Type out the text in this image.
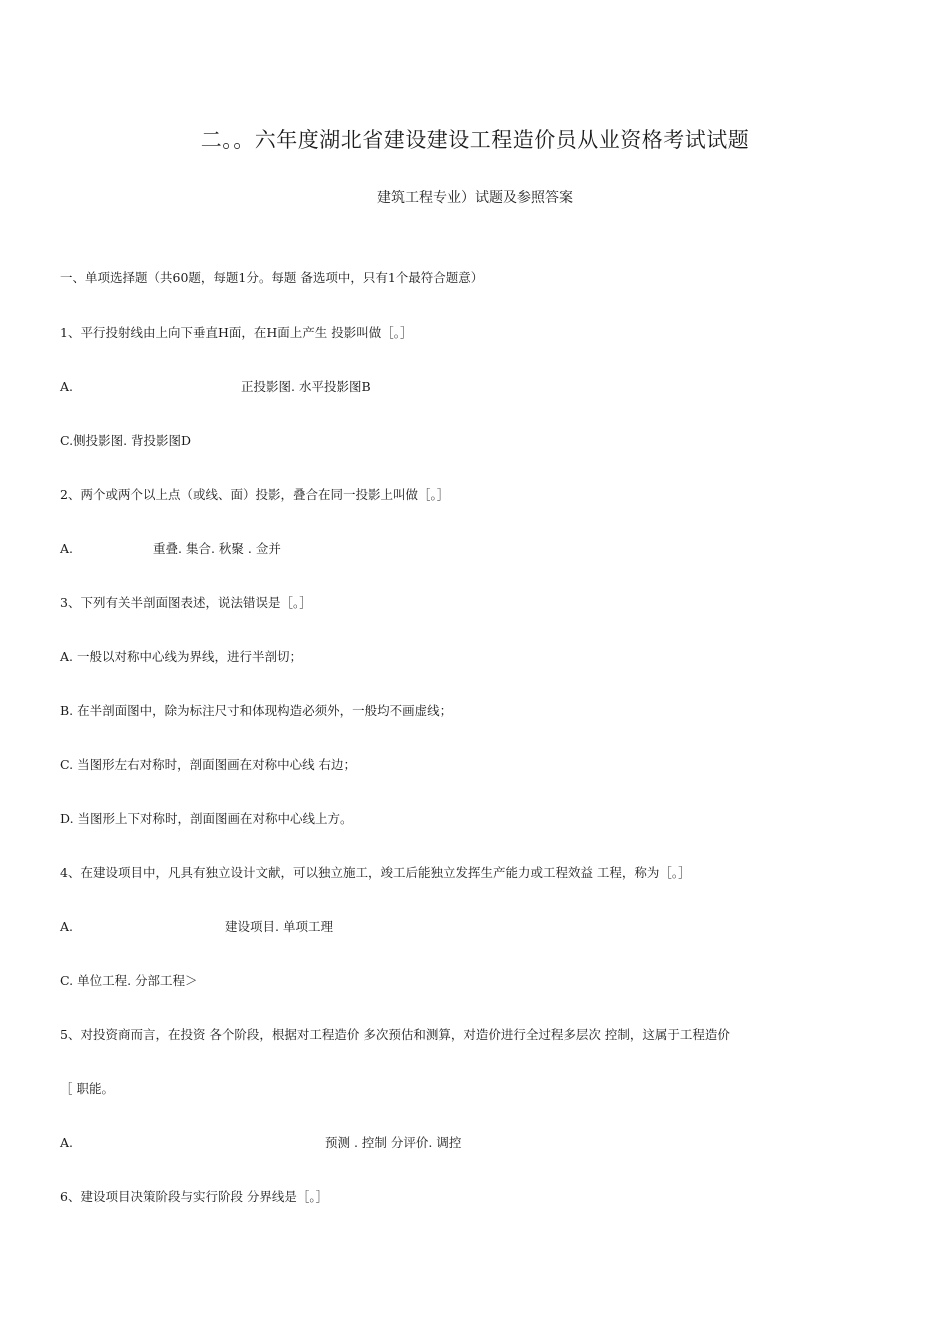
二。。六年度湖北省建设建设工程造价员从业资格考试试题
建筑工程专业）试题及参照答案
一、单项选择题（共60题，每题1分。每题 备选项中，只有1个最符合题意）
1、平行投射线由上向下垂直H面，在H面上产生 投影叫做［。］
A.	正投影图. 水平投影图B
C.侧投影图. 背投影图D
2、两个或两个以上点（或线、面）投影，叠合在同一投影上叫做［。］
A.	重叠. 集合. 秋聚 . 佥并
3、下列有关半剖面图表述，说法错误是［。］
A. 一般以对称中心线为界线，进行半剖切；
B. 在半剖面图中，除为标注尺寸和体现构造必须外，一般均不画虚线；
C. 当图形左右对称时，剖面图画在对称中心线 右边；
D. 当图形上下对称时，剖面图画在对称中心线上方。
4、在建设项目中，凡具有独立设计文献，可以独立施工，竣工后能独立发挥生产能力或工程效益 工程，称为［。］
A.	建设项目. 单项工理
C. 单位工程. 分部工程＞
5、对投资商而言，在投资 各个阶段，根据对工程造价 多次预估和测算，对造价进行全过程多层次 控制，这属于工程造价
［ 职能。
A.	预测 . 控制 分评价. 调控
6、建设项目决策阶段与实行阶段 分界线是［。］
